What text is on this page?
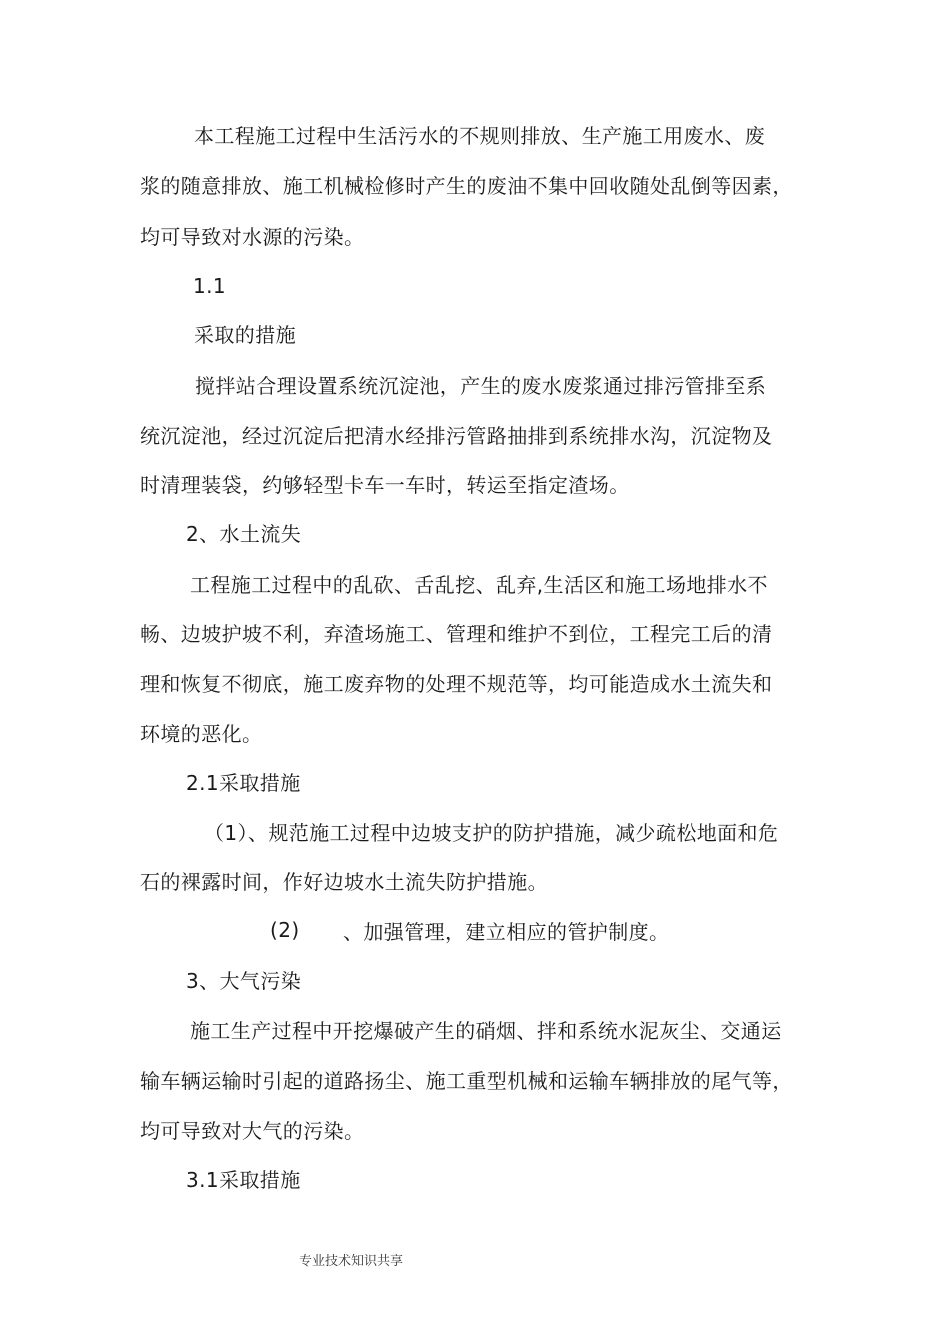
本工程施工过程中生活污水的不规则排放、生产施工用废水、废
浆的随意排放、施工机械检修时产生的废油不集中回收随处乱倒等因素，
均可导致对水源的污染。
1.1
采取的措施
搅拌站合理设置系统沉淀池，产生的废水废浆通过排污管排至系
统沉淀池，经过沉淀后把清水经排污管路抽排到系统排水沟，沉淀物及
时清理装袋，约够轻型卡车一车时，转运至指定渣场。
2、水土流失
工程施工过程中的乱砍、舌乱挖、乱弃,生活区和施工场地排水不
畅、边坡护坡不利，弃渣场施工、管理和维护不到位，工程完工后的清
理和恢复不彻底，施工废弃物的处理不规范等，均可能造成水土流失和
环境的恶化。
2.1采取措施
（1）、规范施工过程中边坡支护的防护措施，减少疏松地面和危
石的裸露时间，作好边坡水土流失防护措施。
(2) 、加强管理，建立相应的管护制度。
3、大气污染
施工生产过程中开挖爆破产生的硝烟、拌和系统水泥灰尘、交通运
输车辆运输时引起的道路扬尘、施工重型机械和运输车辆排放的尾气等，
均可导致对大气的污染。
3.1采取措施
专业技术知识共享
